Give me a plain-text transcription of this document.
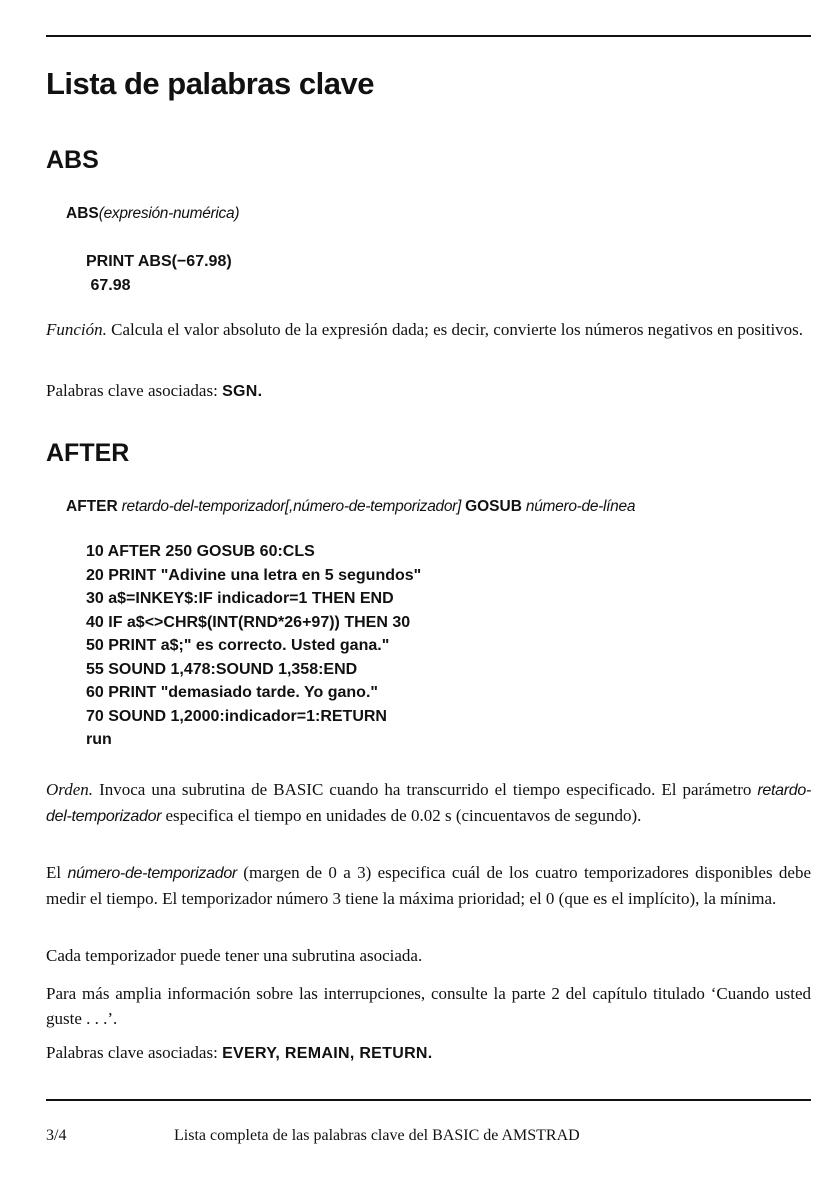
Lista de palabras clave
ABS
ABS(expresión-numérica)
PRINT ABS(−67.98)
67.98

Función. Calcula el valor absoluto de la expresión dada; es decir, convierte los números negativos en positivos.

Palabras clave asociadas: SGN.

AFTER
AFTER retardo-del-temporizador[,número-de-temporizador] GOSUB número-de-línea
10 AFTER 250 GOSUB 60:CLS
20 PRINT "Adivine una letra en 5 segundos"
30 a$=INKEY$:IF indicador=1 THEN END
40 IF a$<>CHR$(INT(RND*26+97)) THEN 30
50 PRINT a$;" es correcto. Usted gana."
55 SOUND 1,478:SOUND 1,358:END
60 PRINT "demasiado tarde. Yo gano."
70 SOUND 1,2000:indicador=1:RETURN
run

Orden. Invoca una subrutina de BASIC cuando ha transcurrido el tiempo especificado. El parámetro retardo-del-temporizador especifica el tiempo en unidades de 0.02 s (cincuentavos de segundo).

El número-de-temporizador (margen de 0 a 3) especifica cuál de los cuatro temporizadores disponibles debe medir el tiempo. El temporizador número 3 tiene la máxima prioridad; el 0 (que es el implícito), la mínima.

Cada temporizador puede tener una subrutina asociada.

Para más amplia información sobre las interrupciones, consulte la parte 2 del capítulo titulado ‘Cuando usted guste . . .’.

Palabras clave asociadas: EVERY, REMAIN, RETURN.

3/4	Lista completa de las palabras clave del BASIC de AMSTRAD
